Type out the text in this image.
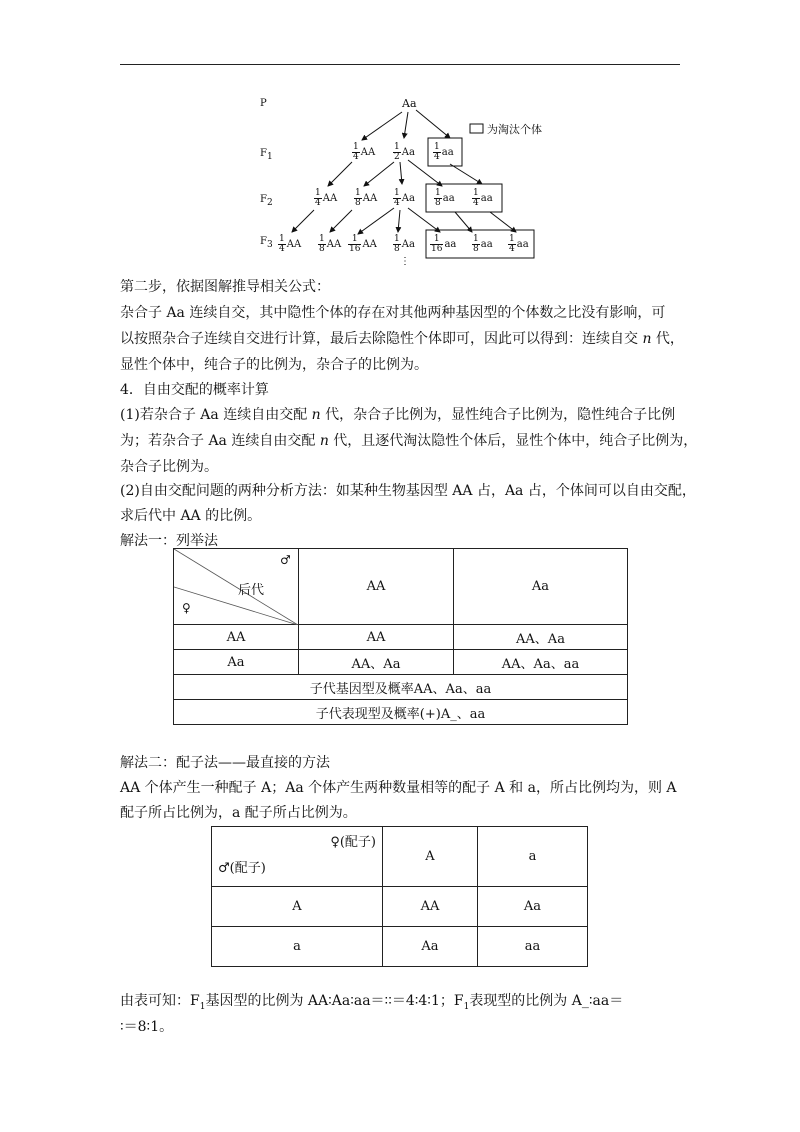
为淘汰个体
P
$F_1$
$F_2$
$F_3$
Aa
$\frac{1}{4}$ AA $\frac{1}{2}$ Aa $\frac{1}{4}$ aa
$\frac{1}{4}$ AA $\frac{1}{8}$ AA $\frac{1}{4}$ Aa $\frac{1}{8}$ aa $\frac{1}{4}$ aa
$\frac{1}{4}$ AA $\frac{1}{8}$ AA $\frac{1}{16}$ AA $\frac{1}{8}$ Aa $\frac{1}{16}$ aa $\frac{1}{8}$ aa $\frac{1}{4}$ aa
⋮
第二步，依据图解推导相关公式：
杂合子 Aa 连续自交，其中隐性个体的存在对其他两种基因型的个体数之比没有影响，可
以按照杂合子连续自交进行计算，最后去除隐性个体即可，因此可以得到：连续自交 n 代，
显性个体中，纯合子的比例为，杂合子的比例为。
4．自由交配的概率计算
(1)若杂合子 Aa 连续自由交配 n 代，杂合子比例为，显性纯合子比例为，隐性纯合子比例
为；若杂合子 Aa 连续自由交配 n 代，且逐代淘汰隐性个体后，显性个体中，纯合子比例为，
杂合子比例为。
(2)自由交配问题的两种分析方法：如某种生物基因型 AA 占，Aa 占，个体间可以自由交配，
求后代中 AA 的比例。
解法一：列举法
♂
后代
♀	AA	Aa
AA	AA	AA、Aa
Aa	AA、Aa	AA、Aa、aa
子代基因型及概率AA、Aa、aa		
子代表现型及概率(+)A_、aa		
解法二：配子法——最直接的方法
AA 个体产生一种配子 A；Aa 个体产生两种数量相等的配子 A 和 a，所占比例均为，则 A
配子所占比例为，a 配子所占比例为。
♀(配子)
♂(配子)	A	a
A	AA	Aa
a	Aa	aa
由表可知：$F_1$基因型的比例为 AA∶Aa∶aa＝∶∶＝4∶4∶1；$F_1$表现型的比例为 A_∶aa＝
∶＝8∶1。
